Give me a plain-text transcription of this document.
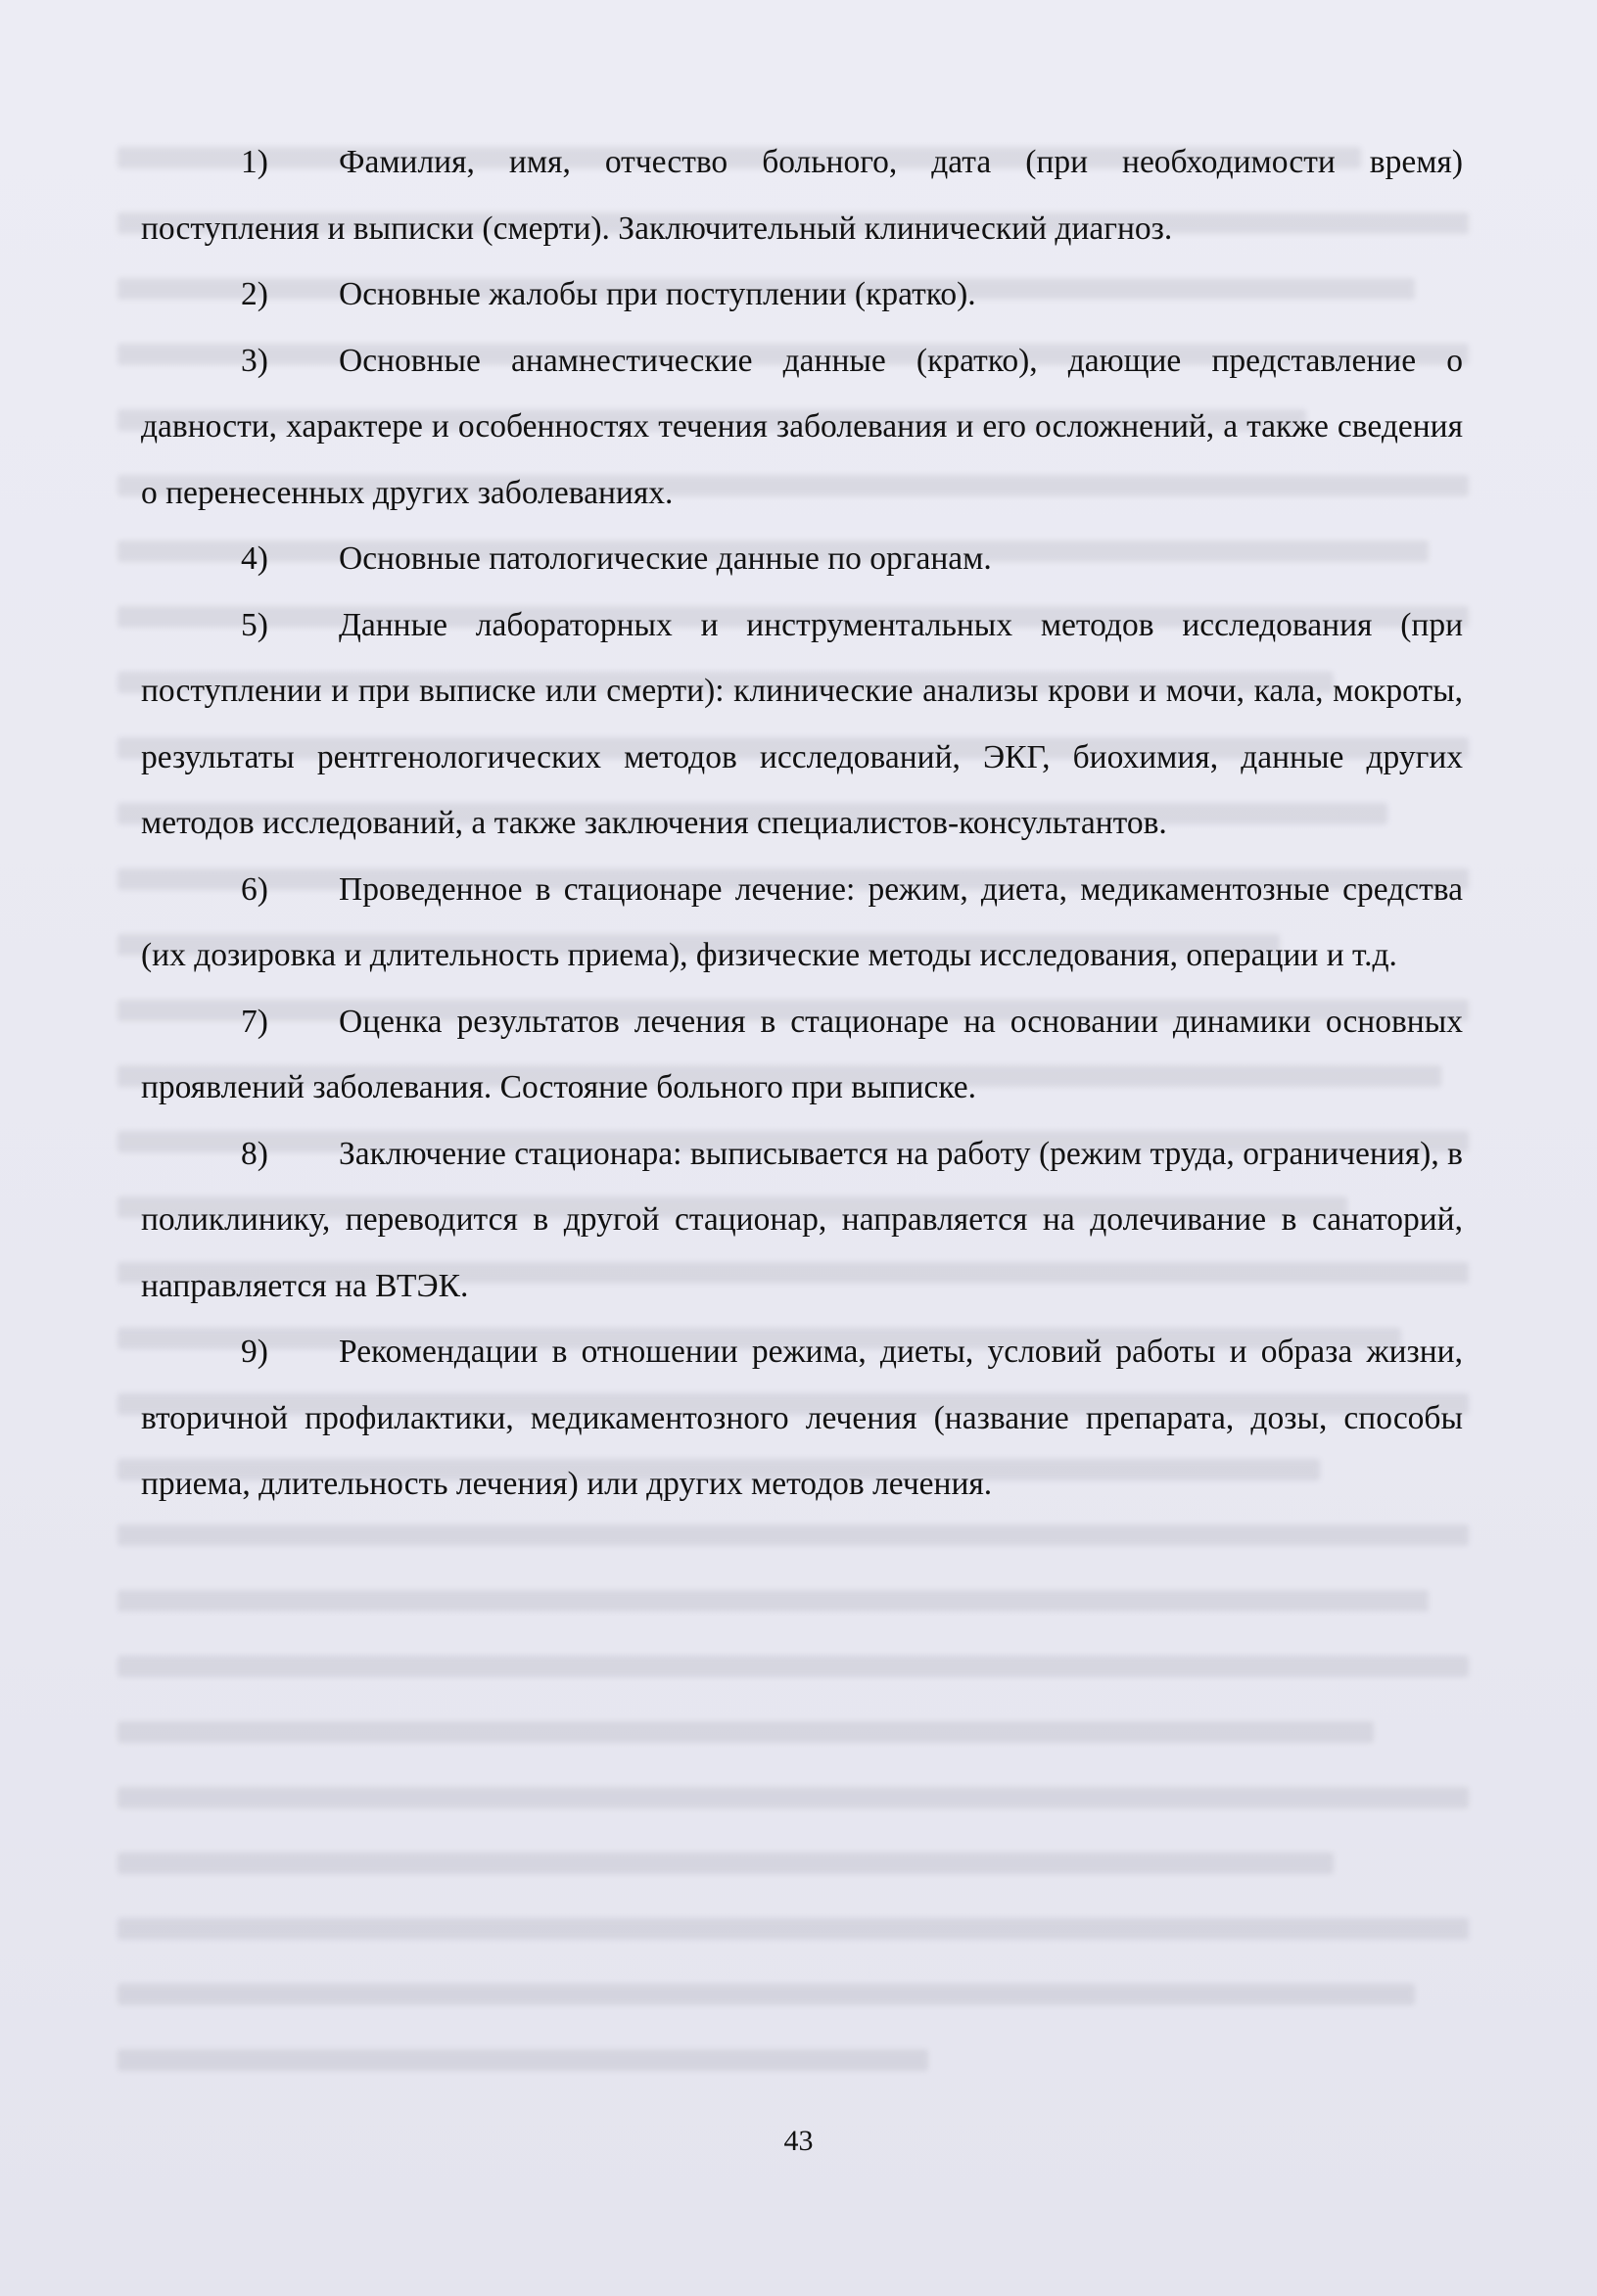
1) Фамилия, имя, отчество больного, дата (при необходимости время) поступления и выписки (смерти). Заключительный клинический диагноз.

2) Основные жалобы при поступлении (кратко).

3) Основные анамнестические данные (кратко), дающие представление о давности, характере и особенностях течения заболевания и его осложнений, а также сведения о перенесенных других заболеваниях.

4) Основные патологические данные по органам.

5) Данные лабораторных и инструментальных методов исследования (при поступлении и при выписке или смерти): клинические анализы крови и мочи, кала, мокроты, результаты рентгенологических методов исследований, ЭКГ, биохимия, данные других методов исследований, а также заключения специалистов-консультантов.

6) Проведенное в стационаре лечение: режим, диета, медикаментозные средства (их дозировка и длительность приема), физические методы исследования, операции и т.д.

7) Оценка результатов лечения в стационаре на основании динамики основных проявлений заболевания. Состояние больного при выписке.

8) Заключение стационара: выписывается на работу (режим труда, ограничения), в поликлинику, переводится в другой стационар, направляется на долечивание в санаторий, направляется на ВТЭК.

9) Рекомендации в отношении режима, диеты, условий работы и образа жизни, вторичной профилактики, медикаментозного лечения (название препарата, дозы, способы приема, длительность лечения) или других методов лечения.

43
